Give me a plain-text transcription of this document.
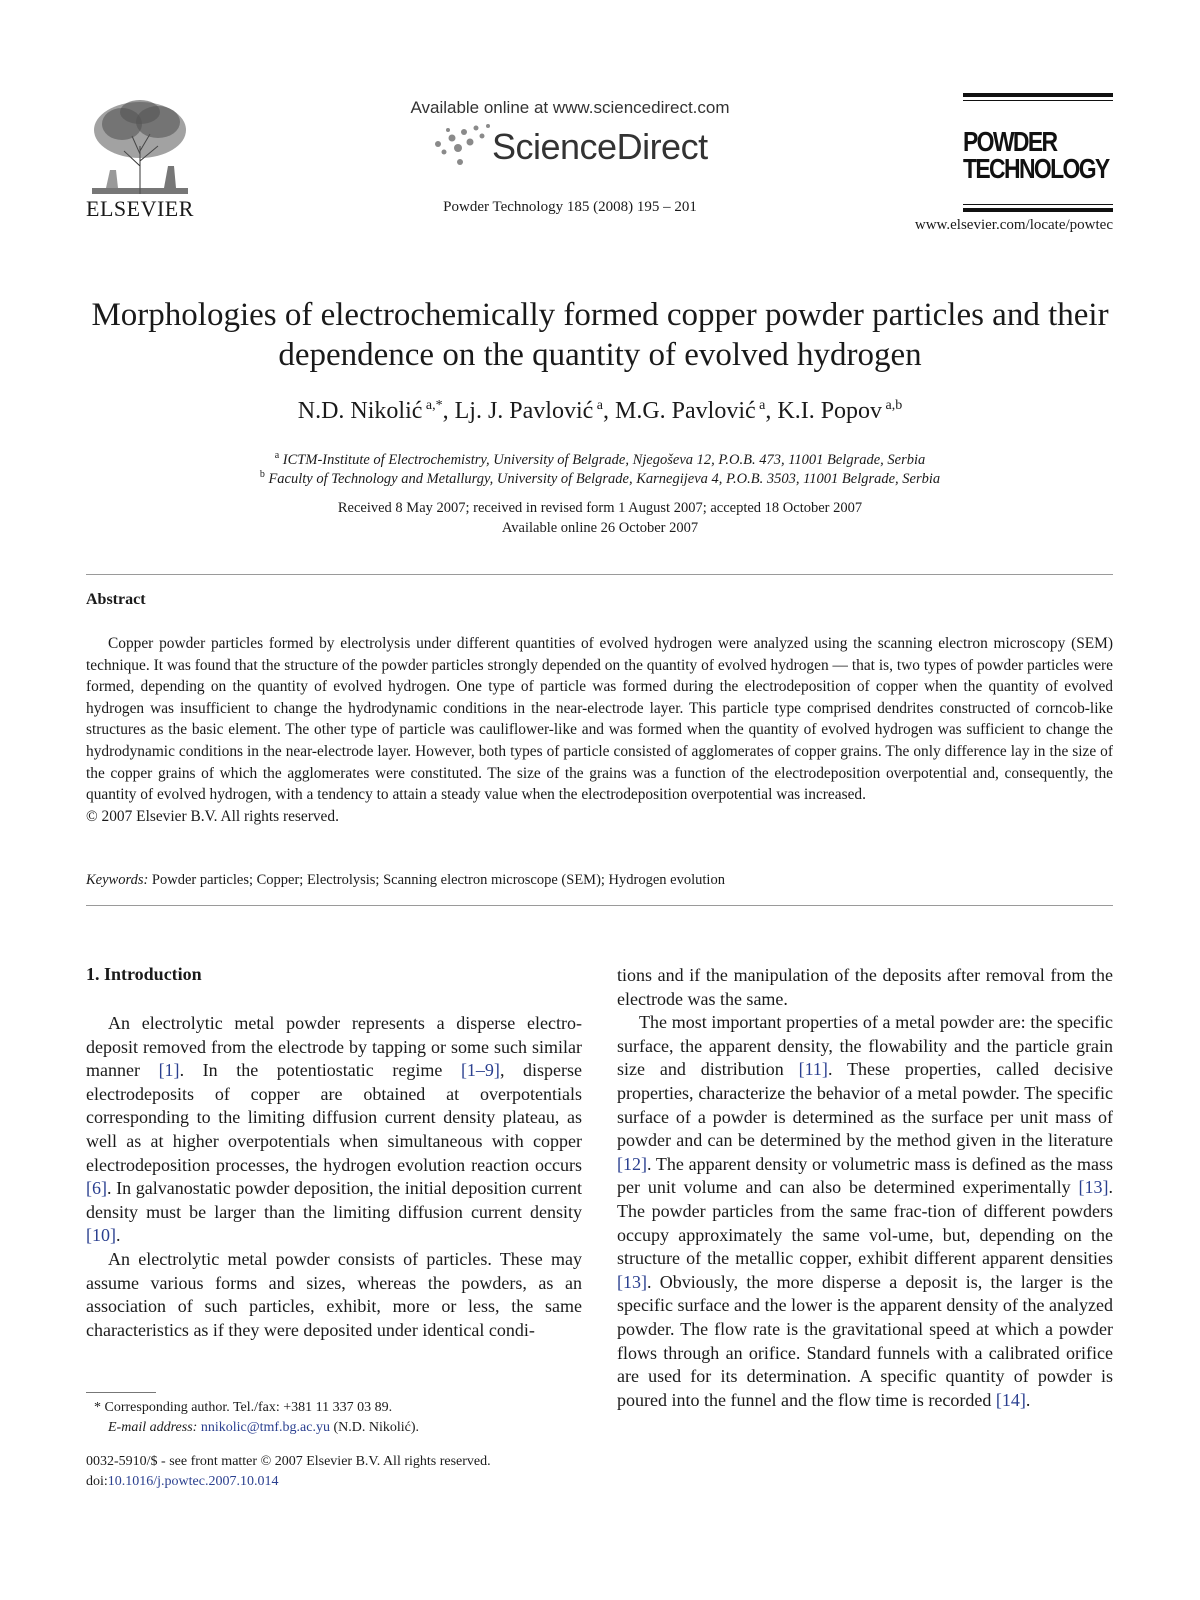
ELSEVIER
Available online at www.sciencedirect.com
ScienceDirect
Powder Technology 185 (2008) 195 – 201
POWDER
TECHNOLOGY
www.elsevier.com/locate/powtec
Morphologies of electrochemically formed copper powder particles and their
dependence on the quantity of evolved hydrogen
N.D. Nikolić $^{a,*}$, Lj. J. Pavlović $^a$, M.G. Pavlović $^a$, K.I. Popov $^{a,b}$
$^a$ ICTM-Institute of Electrochemistry, University of Belgrade, Njegoševa 12, P.O.B. 473, 11001 Belgrade, Serbia
$^b$ Faculty of Technology and Metallurgy, University of Belgrade, Karnegijeva 4, P.O.B. 3503, 11001 Belgrade, Serbia
Received 8 May 2007; received in revised form 1 August 2007; accepted 18 October 2007
Available online 26 October 2007
Abstract

Copper powder particles formed by electrolysis under different quantities of evolved hydrogen were analyzed using the scanning electron microscopy (SEM) technique. It was found that the structure of the powder particles strongly depended on the quantity of evolved hydrogen — that is, two types of powder particles were formed, depending on the quantity of evolved hydrogen. One type of particle was formed during the electrodeposition of copper when the quantity of evolved hydrogen was insufficient to change the hydrodynamic conditions in the near-electrode layer. This particle type comprised dendrites constructed of corncob-like structures as the basic element. The other type of particle was cauliflower-like and was formed when the quantity of evolved hydrogen was sufficient to change the hydrodynamic conditions in the near-electrode layer. However, both types of particle consisted of agglomerates of copper grains. The only difference lay in the size of the copper grains of which the agglomerates were constituted. The size of the grains was a function of the electrodeposition overpotential and, consequently, the quantity of evolved hydrogen, with a tendency to attain a steady value when the electrodeposition overpotential was increased.

© 2007 Elsevier B.V. All rights reserved.

Keywords: Powder particles; Copper; Electrolysis; Scanning electron microscope (SEM); Hydrogen evolution
1. Introduction

An electrolytic metal powder represents a disperse electro-deposit removed from the electrode by tapping or some such similar manner [1]. In the potentiostatic regime [1–9], disperse electrodeposits of copper are obtained at overpotentials corresponding to the limiting diffusion current density plateau, as well as at higher overpotentials when simultaneous with copper electrodeposition processes, the hydrogen evolution reaction occurs [6]. In galvanostatic powder deposition, the initial deposition current density must be larger than the limiting diffusion current density [10].

An electrolytic metal powder consists of particles. These may assume various forms and sizes, whereas the powders, as an association of such particles, exhibit, more or less, the same characteristics as if they were deposited under identical condi-

tions and if the manipulation of the deposits after removal from the electrode was the same.

The most important properties of a metal powder are: the specific surface, the apparent density, the flowability and the particle grain size and distribution [11]. These properties, called decisive properties, characterize the behavior of a metal powder. The specific surface of a powder is determined as the surface per unit mass of powder and can be determined by the method given in the literature [12]. The apparent density or volumetric mass is defined as the mass per unit volume and can also be determined experimentally [13]. The powder particles from the same frac-tion of different powders occupy approximately the same vol-ume, but, depending on the structure of the metallic copper, exhibit different apparent densities [13]. Obviously, the more disperse a deposit is, the larger is the specific surface and the lower is the apparent density of the analyzed powder. The flow rate is the gravitational speed at which a powder flows through an orifice. Standard funnels with a calibrated orifice are used for its determination. A specific quantity of powder is poured into the funnel and the flow time is recorded [14].

* Corresponding author. Tel./fax: +381 11 337 03 89.
E-mail address: nnikolic@tmf.bg.ac.yu (N.D. Nikolić).
0032-5910/$ - see front matter © 2007 Elsevier B.V. All rights reserved.
doi:10.1016/j.powtec.2007.10.014
